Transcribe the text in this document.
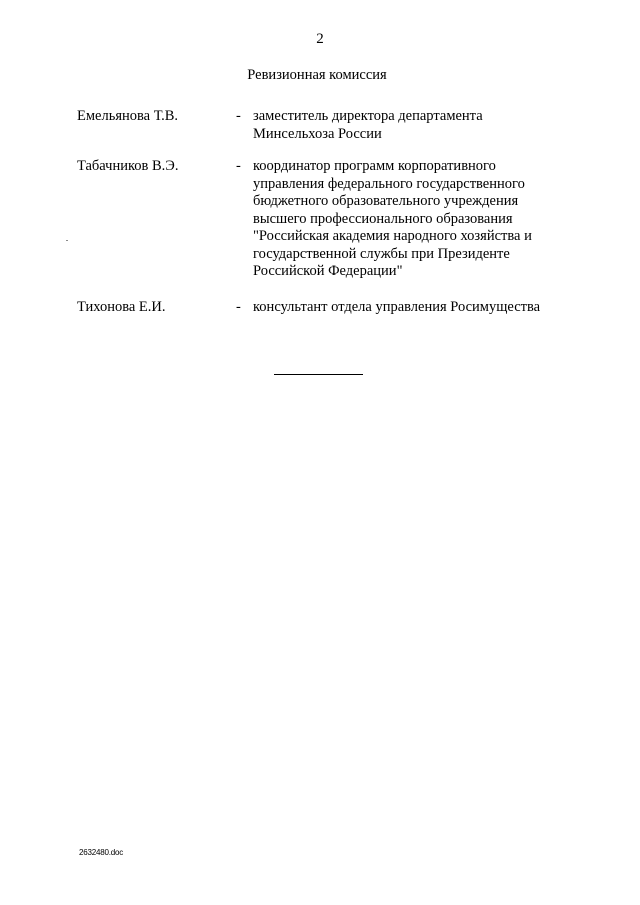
2
Ревизионная комиссия
Емельянова Т.В.	- заместитель директора департамента
Минсельхоза России
Табачников В.Э.	- координатор программ корпоративного
управления федерального государственного
бюджетного образовательного учреждения
высшего профессионального образования
"Российская академия народного хозяйства и
государственной службы при Президенте
Российской Федерации"
Тихонова Е.И.	- консультант отдела управления Росимущества
2632480.doc
